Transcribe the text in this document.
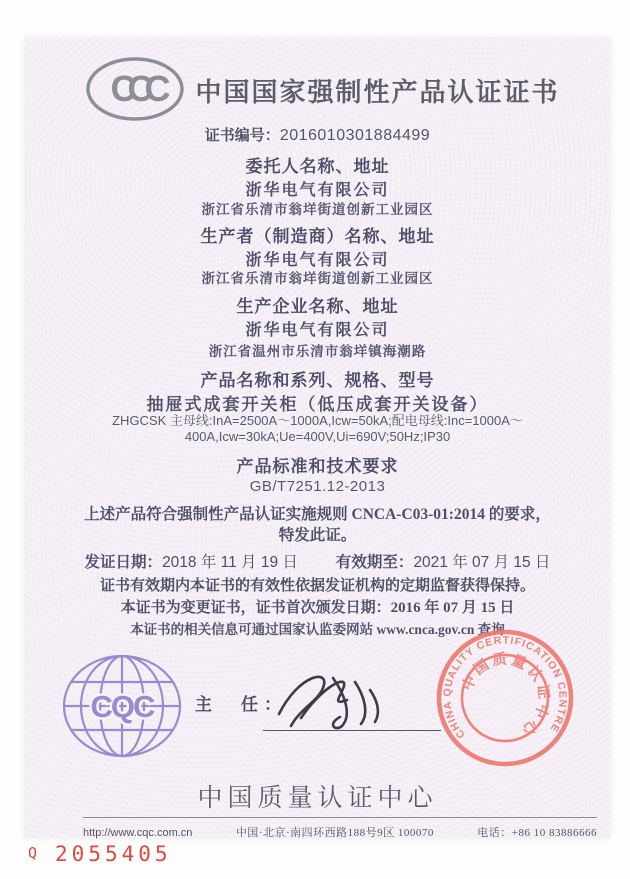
CCC	中国国家强制性产品认证证书
证书编号：2016010301884499
委托人名称、地址
浙华电气有限公司
浙江省乐清市翁垟街道创新工业园区
生产者（制造商）名称、地址
浙华电气有限公司
浙江省乐清市翁垟街道创新工业园区
生产企业名称、地址
浙华电气有限公司
浙江省温州市乐清市翁垟镇海潮路
产品名称和系列、规格、型号
抽屉式成套开关柜（低压成套开关设备）
ZHGCSK 主母线:InA=2500A～1000A,Icw=50kA;配电母线:Inc=1000A～
400A,Icw=30kA;Ue=400V,Ui=690V;50Hz;IP30
产品标准和技术要求
GB/T7251.12-2013
上述产品符合强制性产品认证实施规则 CNCA-C03-01:2014 的要求，
特发此证。
发证日期：2018 年 11 月 19 日 有效期至：2021 年 07 月 15 日
证书有效期内本证书的有效性依据发证机构的定期监督获得保持。
本证书为变更证书，证书首次颁发日期：2016 年 07 月 15 日
本证书的相关信息可通过国家认监委网站 www.cnca.gov.cn 查询
CQC 主　任：
CHINA QUALITY CERTIFICATION CENTRE
中国质量认证中心
中国质量认证中心
http://www.cqc.com.cn	中国·北京·南四环西路188号9区 100070	电话：+86 10 83886666
Q 2055405
